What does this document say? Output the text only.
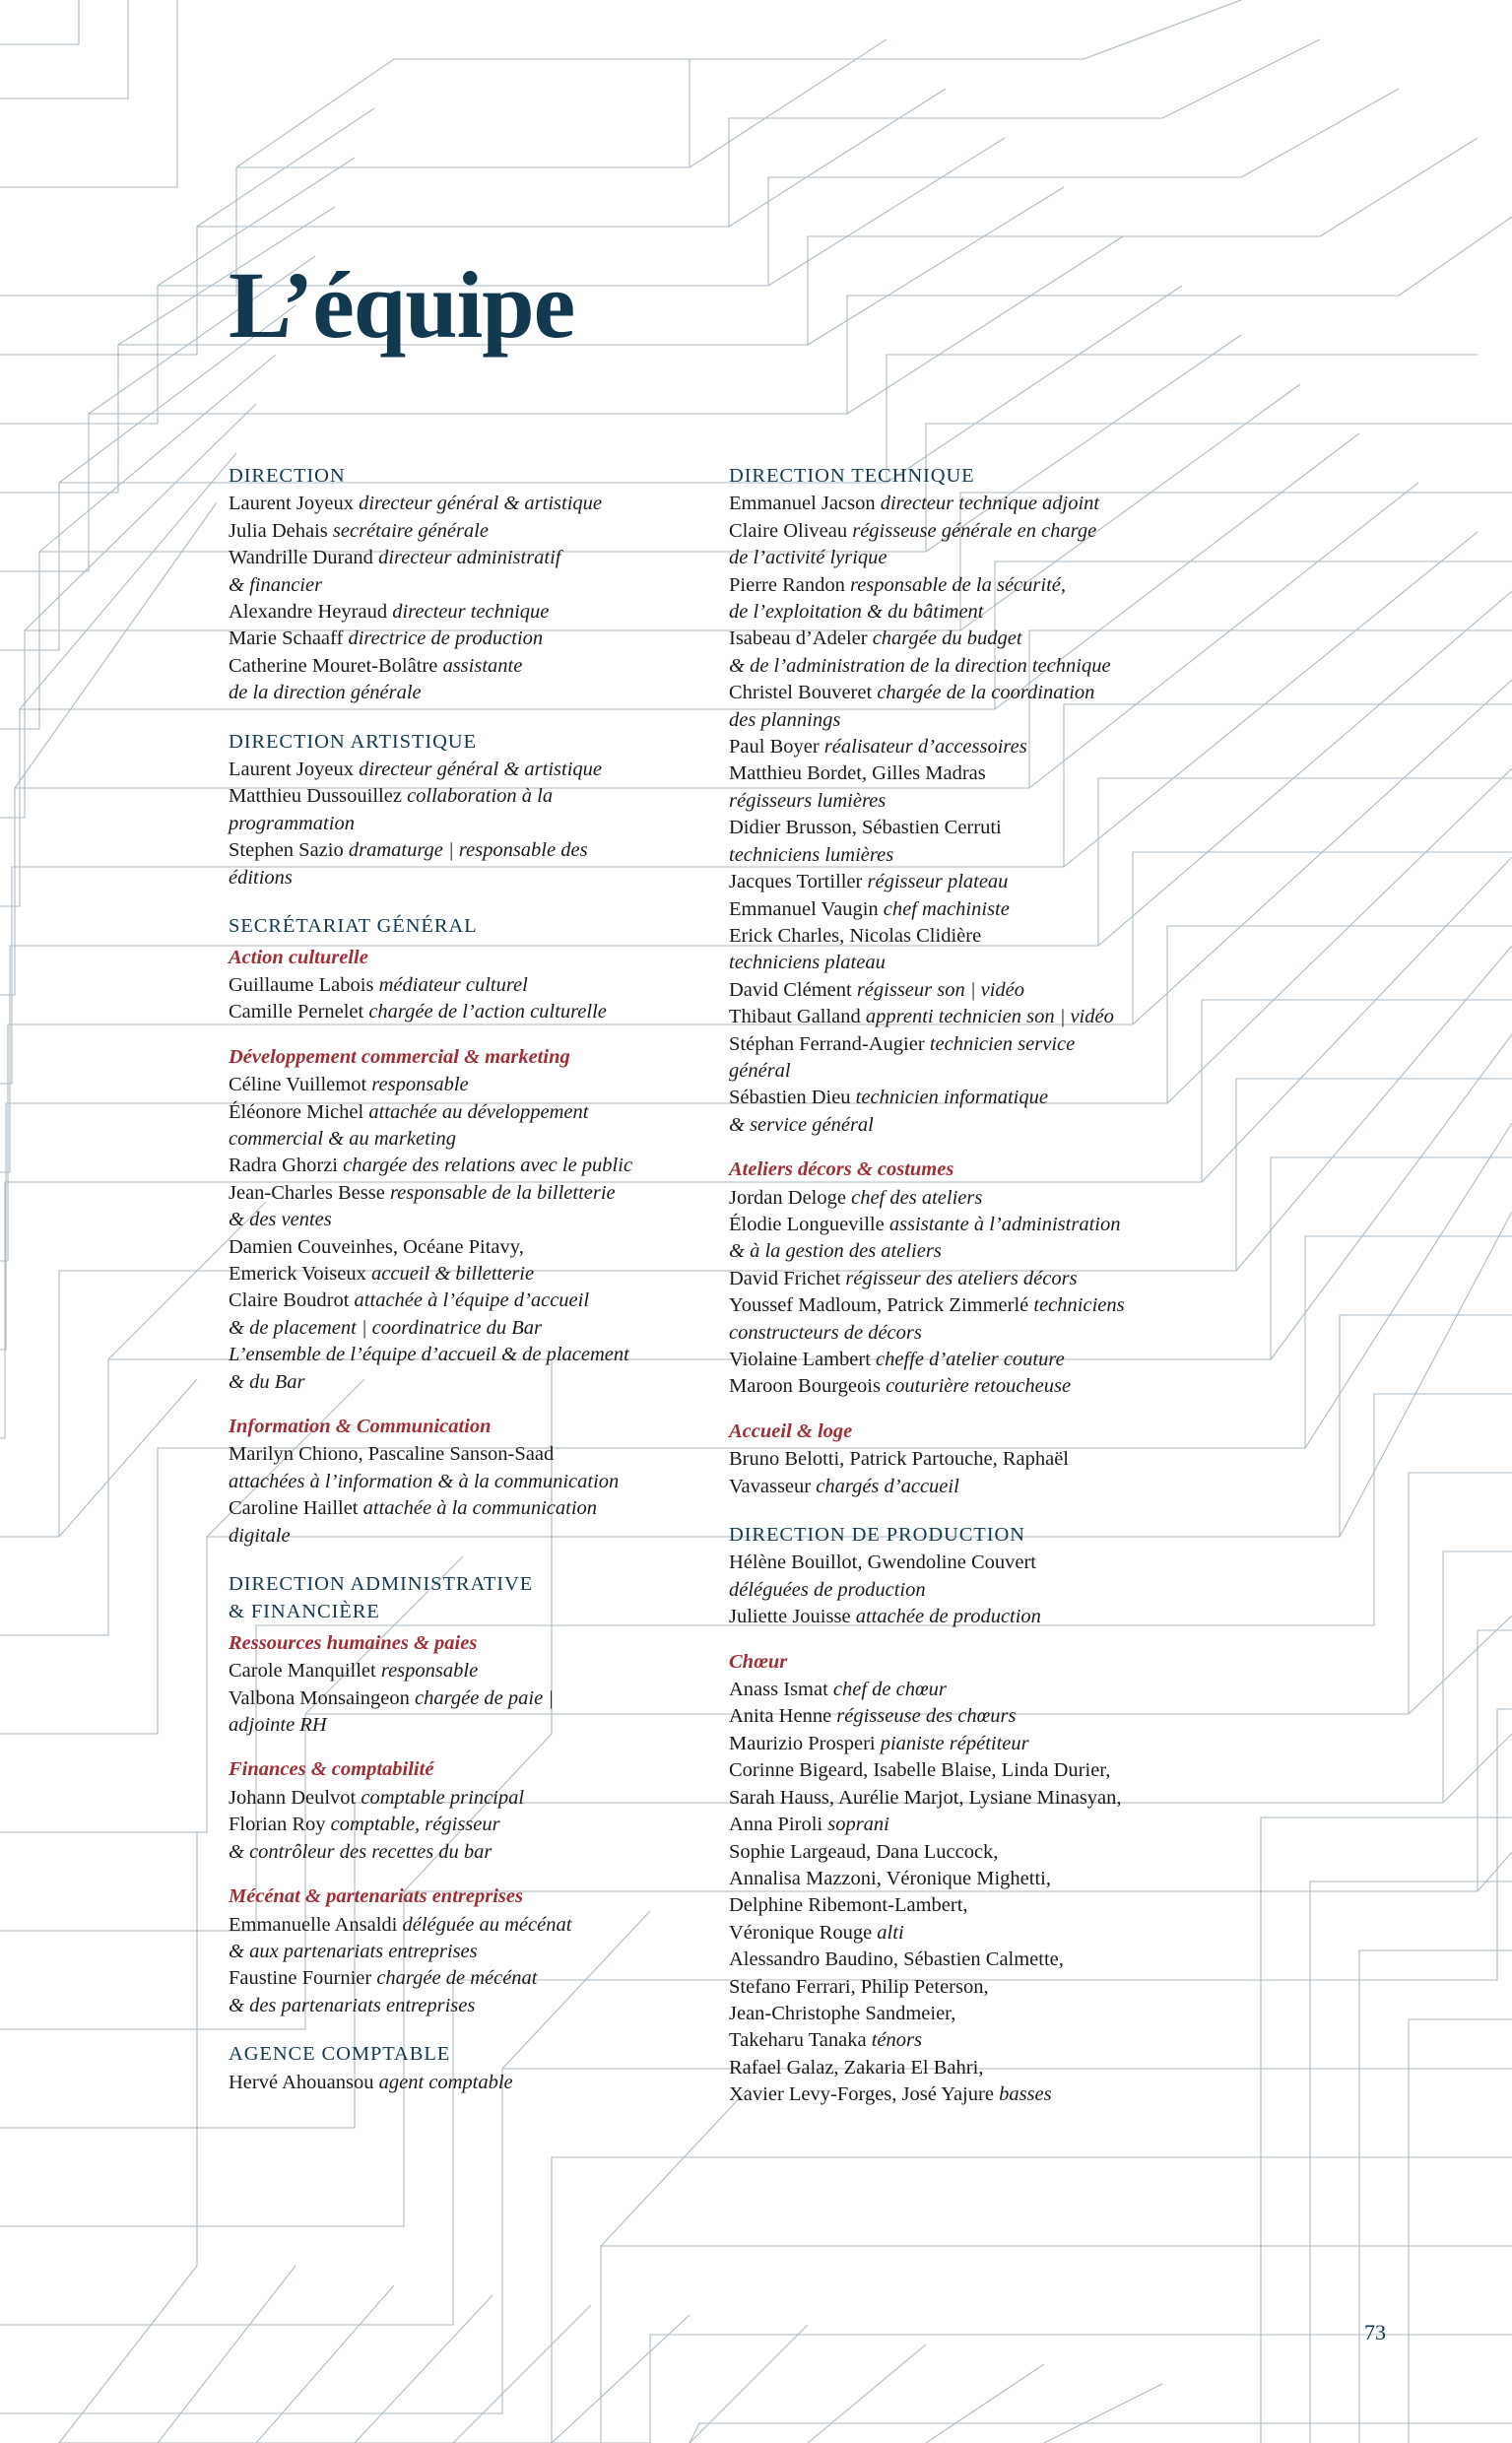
L’équipe
DIRECTION
Laurent Joyeux directeur général & artistique
Julia Dehais secrétaire générale
Wandrille Durand directeur administratif
& financier
Alexandre Heyraud directeur technique
Marie Schaaff directrice de production
Catherine Mouret-Bolâtre assistante
de la direction générale
DIRECTION ARTISTIQUE
Laurent Joyeux directeur général & artistique
Matthieu Dussouillez collaboration à la
programmation
Stephen Sazio dramaturge | responsable des
éditions
SECRÉTARIAT GÉNÉRAL
Action culturelle
Guillaume Labois médiateur culturel
Camille Pernelet chargée de l’action culturelle
Développement commercial & marketing
Céline Vuillemot responsable
Éléonore Michel attachée au développement
commercial & au marketing
Radra Ghorzi chargée des relations avec le public
Jean-Charles Besse responsable de la billetterie
& des ventes
Damien Couveinhes, Océane Pitavy,
Emerick Voiseux accueil & billetterie
Claire Boudrot attachée à l’équipe d’accueil
& de placement | coordinatrice du Bar
L’ensemble de l’équipe d’accueil & de placement
& du Bar
Information & Communication
Marilyn Chiono, Pascaline Sanson-Saad
attachées à l’information & à la communication
Caroline Haillet attachée à la communication
digitale
DIRECTION ADMINISTRATIVE
& FINANCIÈRE
Ressources humaines & paies
Carole Manquillet responsable
Valbona Monsaingeon chargée de paie |
adjointe RH
Finances & comptabilité
Johann Deulvot comptable principal
Florian Roy comptable, régisseur
& contrôleur des recettes du bar
Mécénat & partenariats entreprises
Emmanuelle Ansaldi déléguée au mécénat
& aux partenariats entreprises
Faustine Fournier chargée de mécénat
& des partenariats entreprises
AGENCE COMPTABLE
Hervé Ahouansou agent comptable
DIRECTION TECHNIQUE
Emmanuel Jacson directeur technique adjoint
Claire Oliveau régisseuse générale en charge
de l’activité lyrique
Pierre Randon responsable de la sécurité,
de l’exploitation & du bâtiment
Isabeau d’Adeler chargée du budget
& de l’administration de la direction technique
Christel Bouveret chargée de la coordination
des plannings
Paul Boyer réalisateur d’accessoires
Matthieu Bordet, Gilles Madras
régisseurs lumières
Didier Brusson, Sébastien Cerruti
techniciens lumières
Jacques Tortiller régisseur plateau
Emmanuel Vaugin chef machiniste
Erick Charles, Nicolas Clidière
techniciens plateau
David Clément régisseur son | vidéo
Thibaut Galland apprenti technicien son | vidéo
Stéphan Ferrand-Augier technicien service
général
Sébastien Dieu technicien informatique
& service général
Ateliers décors & costumes
Jordan Deloge chef des ateliers
Élodie Longueville assistante à l’administration
& à la gestion des ateliers
David Frichet régisseur des ateliers décors
Youssef Madloum, Patrick Zimmerlé techniciens
constructeurs de décors
Violaine Lambert cheffe d’atelier couture
Maroon Bourgeois couturière retoucheuse
Accueil & loge
Bruno Belotti, Patrick Partouche, Raphaël
Vavasseur chargés d’accueil
DIRECTION DE PRODUCTION
Hélène Bouillot, Gwendoline Couvert
déléguées de production
Juliette Jouisse attachée de production
Chœur
Anass Ismat chef de chœur
Anita Henne régisseuse des chœurs
Maurizio Prosperi pianiste répétiteur
Corinne Bigeard, Isabelle Blaise, Linda Durier,
Sarah Hauss, Aurélie Marjot, Lysiane Minasyan,
Anna Piroli soprani
Sophie Largeaud, Dana Luccock,
Annalisa Mazzoni, Véronique Mighetti,
Delphine Ribemont-Lambert,
Véronique Rouge alti
Alessandro Baudino, Sébastien Calmette,
Stefano Ferrari, Philip Peterson,
Jean-Christophe Sandmeier,
Takeharu Tanaka ténors
Rafael Galaz, Zakaria El Bahri,
Xavier Levy-Forges, José Yajure basses
73
